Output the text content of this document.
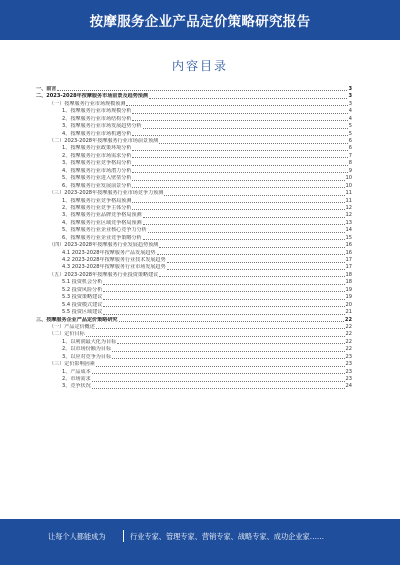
按摩服务企业产品定价策略研究报告
内容目录
一、前言	3
二、2023-2028年按摩服务市场前景及趋势预测	3
（一）按摩服务行业市场规模预测	3
1、按摩服务行业市场规模分析	4
2、按摩服务行业市场结构分析	4
3、按摩服务行业市场发展趋势分析	5
4、按摩服务行业市场机遇分析	5
（二）2023-2028年按摩服务行业市场前景预测	6
1、按摩服务行业政策环境分析	6
2、按摩服务行业市场需求分析	7
3、按摩服务行业竞争格局分析	8
4、按摩服务行业市场潜力分析	9
5、按摩服务行业进入壁垒分析	10
6、按摩服务行业发展前景分析	10
（三）2023-2028年按摩服务行业市场竞争力预测	11
1、按摩服务行业竞争格局预测	11
2、按摩服务行业竞争主体分析	12
3、按摩服务行业品牌竞争格局预测	12
4、按摩服务行业区域竞争格局预测	13
5、按摩服务行业企业核心竞争力分析	14
6、按摩服务行业企业竞争策略分析	15
（四）2023-2028年按摩服务行业发展趋势预测	16
4.1 2023-2028年按摩服务产品发展趋势	16
4.2 2023-2028年按摩服务行业技术发展趋势	17
4.3 2023-2028年按摩服务行业市场发展趋势	17
（五）2023-2028年按摩服务行业投资策略建议	18
5.1 投资机会分析	18
5.2 投资风险分析	19
5.3 投资策略建议	19
5.4 投资模式建议	20
5.5 投资区域建议	21
三、按摩服务企业产品定价策略研究	22
（一）产品定价概述	22
（二）定价目标	22
1、以利润最大化为目标	22
2、以市场份额为目标	22
3、以应对竞争为目标	23
（三）定价影响因素	23
1、产品成本	23
2、市场需求	23
3、竞争状况	24
让每个人都能成为	行业专家、管理专家、营销专家、战略专家、成功企业家……
